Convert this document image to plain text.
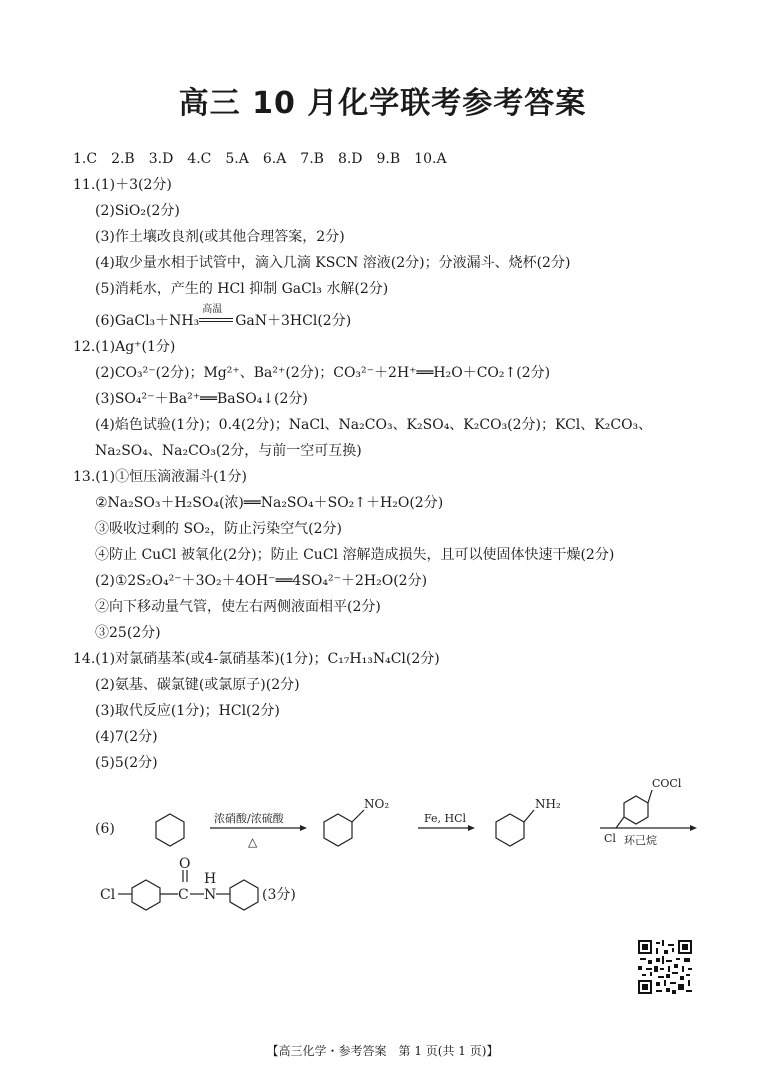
高三 10 月化学联考参考答案
1.C　2.B　3.D　4.C　5.A　6.A　7.B　8.D　9.B　10.A
11.(1)＋3(2分)
(2)SiO₂(2分)
(3)作土壤改良剂(或其他合理答案，2分)
(4)取少量水相于试管中，滴入几滴 KSCN 溶液(2分)；分液漏斗、烧杯(2分)
(5)消耗水，产生的 HCl 抑制 GaCl₃ 水解(2分)
(6)GaCl₃＋NH₃
高温
GaN＋3HCl(2分)
12.(1)Ag⁺(1分)
(2)CO₃²⁻(2分)；Mg²⁺、Ba²⁺(2分)；CO₃²⁻＋2H⁺══H₂O＋CO₂↑(2分)
(3)SO₄²⁻＋Ba²⁺══BaSO₄↓(2分)
(4)焰色试验(1分)；0.4(2分)；NaCl、Na₂CO₃、K₂SO₄、K₂CO₃(2分)；KCl、K₂CO₃、
Na₂SO₄、Na₂CO₃(2分，与前一空可互换)
13.(1)①恒压滴液漏斗(1分)
②Na₂SO₃＋H₂SO₄(浓)══Na₂SO₄＋SO₂↑＋H₂O(2分)
③吸收过剩的 SO₂，防止污染空气(2分)
④防止 CuCl 被氧化(2分)；防止 CuCl 溶解造成损失，且可以使固体快速干燥(2分)
(2)①2S₂O₄²⁻＋3O₂＋4OH⁻══4SO₄²⁻＋2H₂O(2分)
②向下移动量气管，使左右两侧液面相平(2分)
③25(2分)
14.(1)对氯硝基苯(或4-氯硝基苯)(1分)；C₁₇H₁₃N₄Cl(2分)
(2)氨基、碳氯键(或氯原子)(2分)
(3)取代反应(1分)；HCl(2分)
(4)7(2分)
(5)5(2分)
(6)
浓硝酸/浓硫酸
△
NO₂
Fe, HCl
NH₂
COCl
Cl 环己烷
Cl	C
O
N
H
(3分)
【高三化学・参考答案　第 1 页(共 1 页)】
